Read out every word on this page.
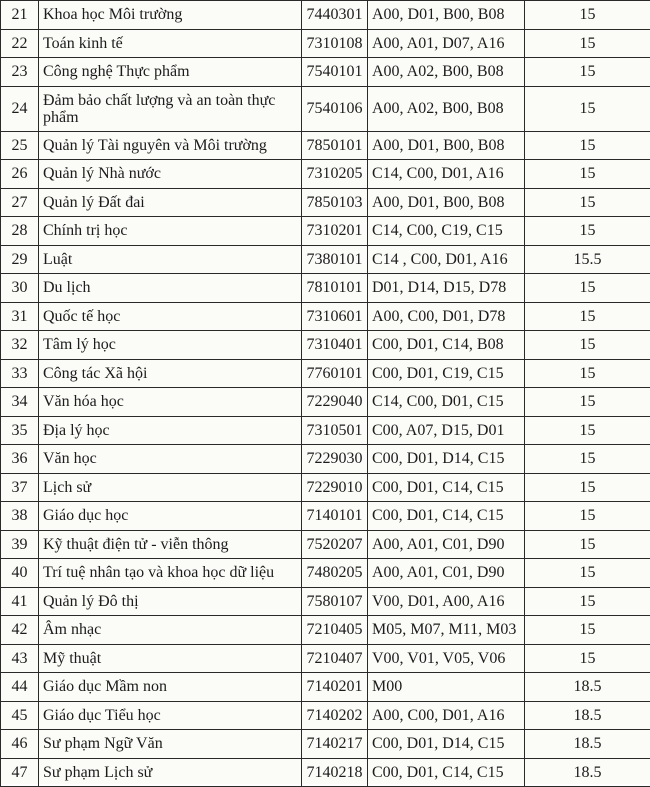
21	Khoa học Môi trường	7440301	A00, D01, B00, B08	15
22	Toán kinh tế	7310108	A00, A01, D07, A16	15
23	Công nghệ Thực phẩm	7540101	A00, A02, B00, B08	15
24	Đảm bảo chất lượng và an toàn thực phẩm	7540106	A00, A02, B00, B08	15
25	Quản lý Tài nguyên và Môi trường	7850101	A00, D01, B00, B08	15
26	Quản lý Nhà nước	7310205	C14, C00, D01, A16	15
27	Quản lý Đất đai	7850103	A00, D01, B00, B08	15
28	Chính trị học	7310201	C14, C00, C19, C15	15
29	Luật	7380101	C14 , C00, D01, A16	15.5
30	Du lịch	7810101	D01, D14, D15, D78	15
31	Quốc tế học	7310601	A00, C00, D01, D78	15
32	Tâm lý học	7310401	C00, D01, C14, B08	15
33	Công tác Xã hội	7760101	C00, D01, C19, C15	15
34	Văn hóa học	7229040	C14, C00, D01, C15	15
35	Địa lý học	7310501	C00, A07, D15, D01	15
36	Văn học	7229030	C00, D01, D14, C15	15
37	Lịch sử	7229010	C00, D01, C14, C15	15
38	Giáo dục học	7140101	C00, D01, C14, C15	15
39	Kỹ thuật điện tử - viễn thông	7520207	A00, A01, C01, D90	15
40	Trí tuệ nhân tạo và khoa học dữ liệu	7480205	A00, A01, C01, D90	15
41	Quản lý Đô thị	7580107	V00, D01, A00, A16	15
42	Âm nhạc	7210405	M05, M07, M11, M03	15
43	Mỹ thuật	7210407	V00, V01, V05, V06	15
44	Giáo dục Mầm non	7140201	M00	18.5
45	Giáo dục Tiểu học	7140202	A00, C00, D01, A16	18.5
46	Sư phạm Ngữ Văn	7140217	C00, D01, D14, C15	18.5
47	Sư phạm Lịch sử	7140218	C00, D01, C14, C15	18.5
